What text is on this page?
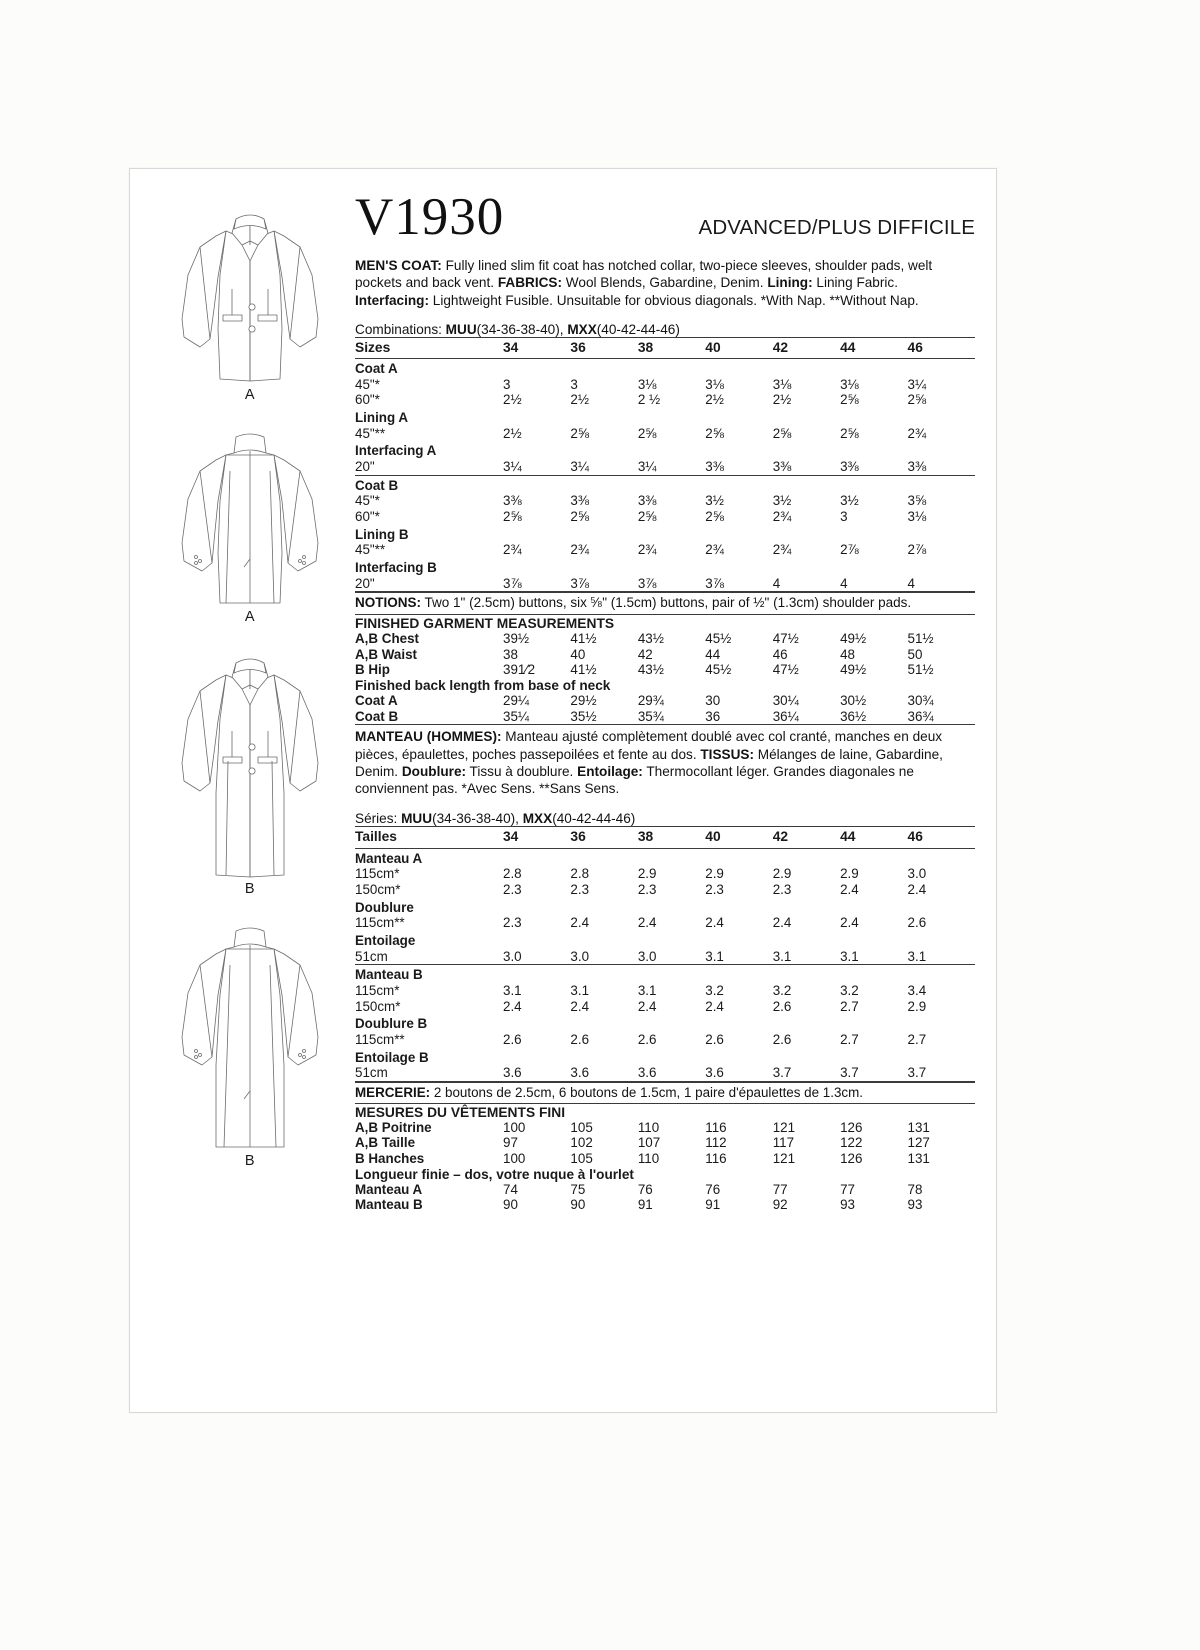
A
A
B
B
V1930	ADVANCED/PLUS DIFFICILE
MEN'S COAT: Fully lined slim fit coat has notched collar, two-piece sleeves, shoulder pads, welt pockets and back vent. FABRICS: Wool Blends, Gabardine, Denim. Lining: Lining Fabric. Interfacing: Lightweight Fusible. Unsuitable for obvious diagonals. *With Nap. **Without Nap.
Combinations: MUU(34-36-38-40), MXX(40-42-44-46)
Sizes	34	36	38	40	42	44	46
Coat A							
45"*	3	3	3⅛	3⅛	3⅛	3⅛	3¼
60"*	2½	2½	2 ½	2½	2½	2⅝	2⅝
Lining A							
45"**	2½	2⅝	2⅝	2⅝	2⅝	2⅝	2¾
Interfacing A							
20"	3¼	3¼	3¼	3⅜	3⅜	3⅜	3⅜
Coat B							
45"*	3⅜	3⅜	3⅜	3½	3½	3½	3⅝
60"*	2⅝	2⅝	2⅝	2⅝	2¾	3	3⅛
Lining B							
45"**	2¾	2¾	2¾	2¾	2¾	2⅞	2⅞
Interfacing B							
20"	3⅞	3⅞	3⅞	3⅞	4	4	4
NOTIONS: Two 1" (2.5cm) buttons, six $^5⁄_8$" (1.5cm) buttons, pair of ½" (1.3cm) shoulder pads.
FINISHED GARMENT MEASUREMENTS
A,B Chest	39½	41½	43½	45½	47½	49½	51½
A,B Waist	38	40	42	44	46	48	50
B Hip	391⁄2	41½	43½	45½	47½	49½	51½
Finished back length from base of neck
Coat A	29¼	29½	29¾	30	30¼	30½	30¾
Coat B	35¼	35½	35¾	36	36¼	36½	36¾
MANTEAU (HOMMES): Manteau ajusté complètement doublé avec col cranté, manches en deux pièces, épaulettes, poches passepoilées et fente au dos. TISSUS: Mélanges de laine, Gabardine, Denim. Doublure: Tissu à doublure. Entoilage: Thermocollant léger. Grandes diagonales ne conviennent pas. *Avec Sens. **Sans Sens.
Séries: MUU(34-36-38-40), MXX(40-42-44-46)
Tailles	34	36	38	40	42	44	46
Manteau A							
115cm*	2.8	2.8	2.9	2.9	2.9	2.9	3.0
150cm*	2.3	2.3	2.3	2.3	2.3	2.4	2.4
Doublure							
115cm**	2.3	2.4	2.4	2.4	2.4	2.4	2.6
Entoilage							
51cm	3.0	3.0	3.0	3.1	3.1	3.1	3.1
Manteau B							
115cm*	3.1	3.1	3.1	3.2	3.2	3.2	3.4
150cm*	2.4	2.4	2.4	2.4	2.6	2.7	2.9
Doublure B							
115cm**	2.6	2.6	2.6	2.6	2.6	2.7	2.7
Entoilage B							
51cm	3.6	3.6	3.6	3.6	3.7	3.7	3.7
MERCERIE: 2 boutons de 2.5cm, 6 boutons de 1.5cm, 1 paire d'épaulettes de 1.3cm.
MESURES DU VÊTEMENTS FINI
A,B Poitrine	100	105	110	116	121	126	131
A,B Taille	97	102	107	112	117	122	127
B Hanches	100	105	110	116	121	126	131
Longueur finie – dos, votre nuque à l'ourlet
Manteau A	74	75	76	76	77	77	78
Manteau B	90	90	91	91	92	93	93
